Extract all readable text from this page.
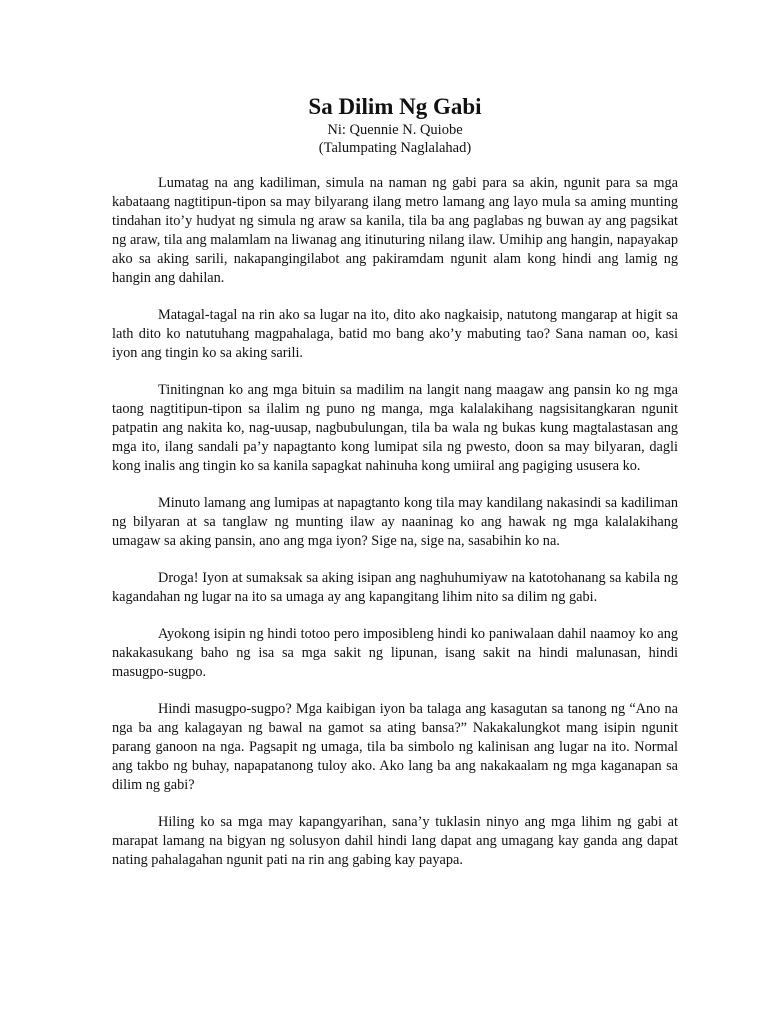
Sa Dilim Ng Gabi

Ni: Quennie N. Quiobe

(Talumpating Naglalahad)

Lumatag na ang kadiliman, simula na naman ng gabi para sa akin, ngunit para sa mga kabataang nagtitipun-tipon sa may bilyarang ilang metro lamang ang layo mula sa aming munting tindahan ito’y hudyat ng simula ng araw sa kanila, tila ba ang paglabas ng buwan ay ang pagsikat ng araw, tila ang malamlam na liwanag ang itinuturing nilang ilaw. Umihip ang hangin, napayakap ako sa aking sarili, nakapangingilabot ang pakiramdam ngunit alam kong hindi ang lamig ng hangin ang dahilan.

Matagal-tagal na rin ako sa lugar na ito, dito ako nagkaisip, natutong mangarap at higit sa lath dito ko natutuhang magpahalaga, batid mo bang ako’y mabuting tao? Sana naman oo, kasi iyon ang tingin ko sa aking sarili.

Tinitingnan ko ang mga bituin sa madilim na langit nang maagaw ang pansin ko ng mga taong nagtitipun-tipon sa ilalim ng puno ng manga, mga kalalakihang nagsisitangkaran ngunit patpatin ang nakita ko, nag-uusap, nagbubulungan, tila ba wala ng bukas kung magtalastasan ang mga ito, ilang sandali pa’y napagtanto kong lumipat sila ng pwesto, doon sa may bilyaran, dagli kong inalis ang tingin ko sa kanila sapagkat nahinuha kong umiiral ang pagiging ususera ko.

Minuto lamang ang lumipas at napagtanto kong tila may kandilang nakasindi sa kadiliman ng bilyaran at sa tanglaw ng munting ilaw ay naaninag ko ang hawak ng mga kalalakihang umagaw sa aking pansin, ano ang mga iyon? Sige na, sige na, sasabihin ko na.

Droga! Iyon at sumaksak sa aking isipan ang naghuhumiyaw na katotohanang sa kabila ng kagandahan ng lugar na ito sa umaga ay ang kapangitang lihim nito sa dilim ng gabi.

Ayokong isipin ng hindi totoo pero imposibleng hindi ko paniwalaan dahil naamoy ko ang nakakasukang baho ng isa sa mga sakit ng lipunan, isang sakit na hindi malunasan, hindi masugpo-sugpo.

Hindi masugpo-sugpo? Mga kaibigan iyon ba talaga ang kasagutan sa tanong ng “Ano na nga ba ang kalagayan ng bawal na gamot sa ating bansa?” Nakakalungkot mang isipin ngunit parang ganoon na nga. Pagsapit ng umaga, tila ba simbolo ng kalinisan ang lugar na ito. Normal ang takbo ng buhay, napapatanong tuloy ako. Ako lang ba ang nakakaalam ng mga kaganapan sa dilim ng gabi?

Hiling ko sa mga may kapangyarihan, sana’y tuklasin ninyo ang mga lihim ng gabi at marapat lamang na bigyan ng solusyon dahil hindi lang dapat ang umagang kay ganda ang dapat nating pahalagahan ngunit pati na rin ang gabing kay payapa.
